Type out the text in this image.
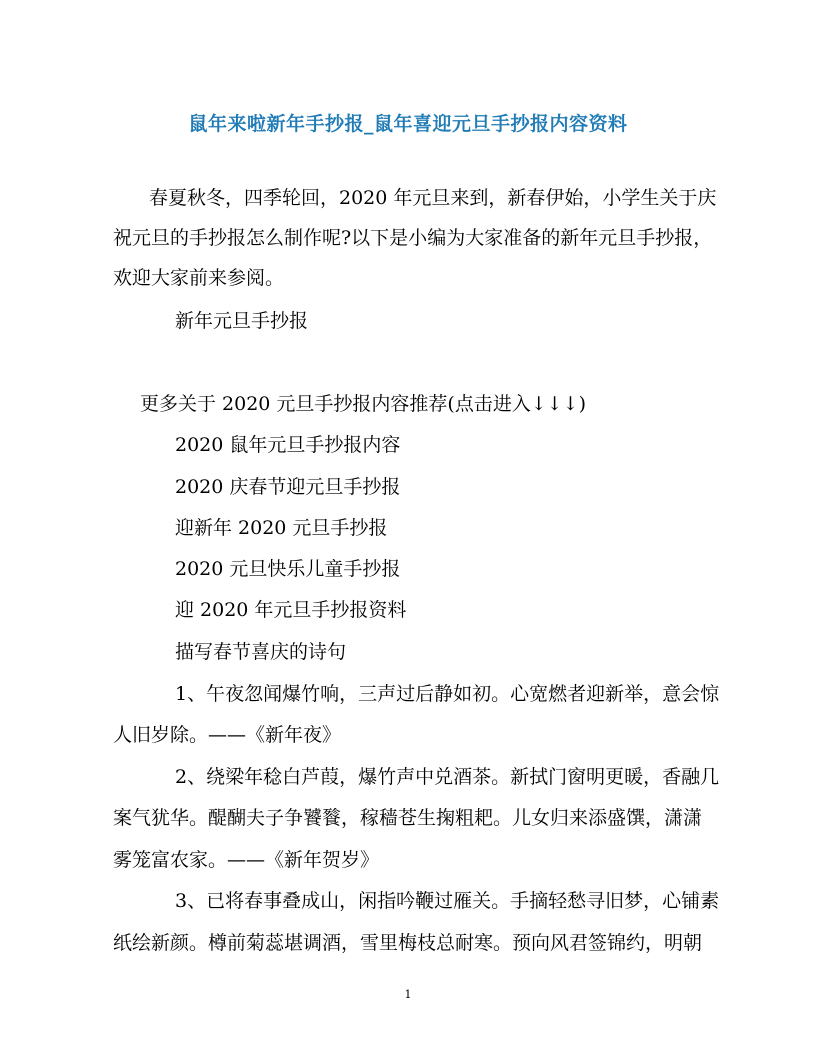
鼠年来啦新年手抄报_鼠年喜迎元旦手抄报内容资料
春夏秋冬，四季轮回，2020 年元旦来到，新春伊始，小学生关于庆
祝元旦的手抄报怎么制作呢?以下是小编为大家准备的新年元旦手抄报，
欢迎大家前来参阅。
新年元旦手抄报
更多关于 2020 元旦手抄报内容推荐(点击进入↓↓↓)
2020 鼠年元旦手抄报内容
2020 庆春节迎元旦手抄报
迎新年 2020 元旦手抄报
2020 元旦快乐儿童手抄报
迎 2020 年元旦手抄报资料
描写春节喜庆的诗句
1、午夜忽闻爆竹响，三声过后静如初。心宽燃者迎新举，意会惊
人旧岁除。——《新年夜》
2、绕梁年稔白芦葭，爆竹声中兑酒茶。新拭门窗明更暖，香融几
案气犹华。醍醐夫子争饕餮，稼穑苍生掬粗耙。儿女归来添盛馔，潇潇
雾笼富农家。——《新年贺岁》
3、已将春事叠成山，闲指吟鞭过雁关。手摘轻愁寻旧梦，心铺素
纸绘新颜。樽前菊蕊堪调酒，雪里梅枝总耐寒。预向风君签锦约，明朝
1
